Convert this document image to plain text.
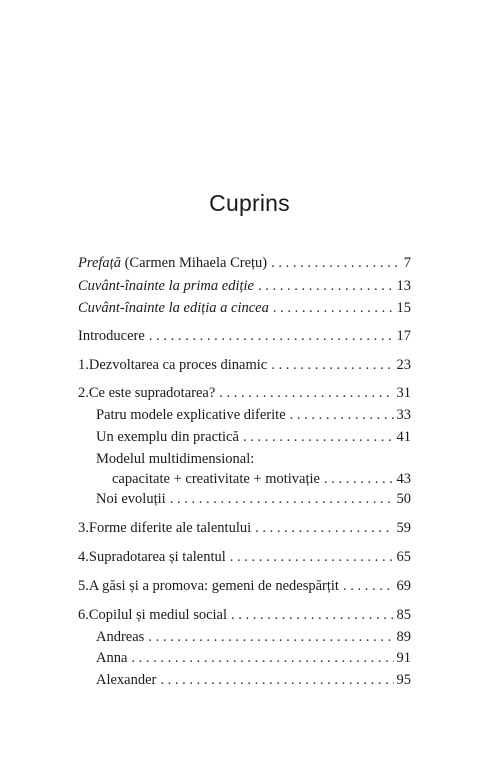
Cuprins
Prefață (Carmen Mihaela Crețu) . . .	7
Cuvânt-înainte la prima ediție . . .	13
Cuvânt-înainte la ediția a cincea . . .	15
Introducere . . .	17
1. Dezvoltarea ca proces dinamic . . .	23
2. Ce este supradotarea? . . .	31
Patru modele explicative diferite . . .	33
Un exemplu din practică . . .	41
Modelul multidimensional:
capacitate + creativitate + motivație . . .	43
Noi evoluții . . .	50
3. Forme diferite ale talentului . . .	59
4. Supradotarea și talentul . . .	65
5. A găsi și a promova: gemeni de nedespărțit . . .	69
6. Copilul și mediul social . . .	85
Andreas . . .	89
Anna . . .	91
Alexander . . .	95
